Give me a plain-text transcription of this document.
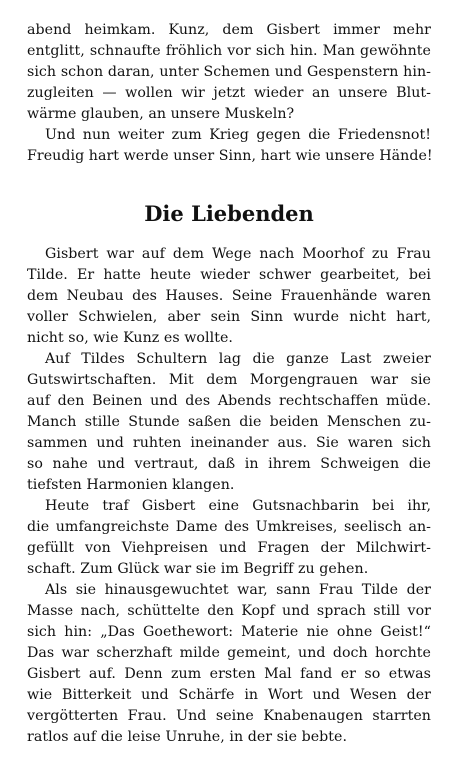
abend heimkam. Kunz, dem Gisbert immer mehr
entglitt, schnaufte fröhlich vor sich hin. Man gewöhnte
sich schon daran, unter Schemen und Gespenstern hin-
zugleiten — wollen wir jetzt wieder an unsere Blut-
wärme glauben, an unsere Muskeln?
Und nun weiter zum Krieg gegen die Friedensnot!
Freudig hart werde unser Sinn, hart wie unsere Hände!
Die Liebenden
Gisbert war auf dem Wege nach Moorhof zu Frau
Tilde. Er hatte heute wieder schwer gearbeitet, bei
dem Neubau des Hauses. Seine Frauenhände waren
voller Schwielen, aber sein Sinn wurde nicht hart,
nicht so, wie Kunz es wollte.
Auf Tildes Schultern lag die ganze Last zweier
Gutswirtschaften. Mit dem Morgengrauen war sie
auf den Beinen und des Abends rechtschaffen müde.
Manch stille Stunde saßen die beiden Menschen zu-
sammen und ruhten ineinander aus. Sie waren sich
so nahe und vertraut, daß in ihrem Schweigen die
tiefsten Harmonien klangen.
Heute traf Gisbert eine Gutsnachbarin bei ihr,
die umfangreichste Dame des Umkreises, seelisch an-
gefüllt von Viehpreisen und Fragen der Milchwirt-
schaft. Zum Glück war sie im Begriff zu gehen.
Als sie hinausgewuchtet war, sann Frau Tilde der
Masse nach, schüttelte den Kopf und sprach still vor
sich hin: „Das Goethewort: Materie nie ohne Geist!“
Das war scherzhaft milde gemeint, und doch horchte
Gisbert auf. Denn zum ersten Mal fand er so etwas
wie Bitterkeit und Schärfe in Wort und Wesen der
vergötterten Frau. Und seine Knabenaugen starrten
ratlos auf die leise Unruhe, in der sie bebte.
